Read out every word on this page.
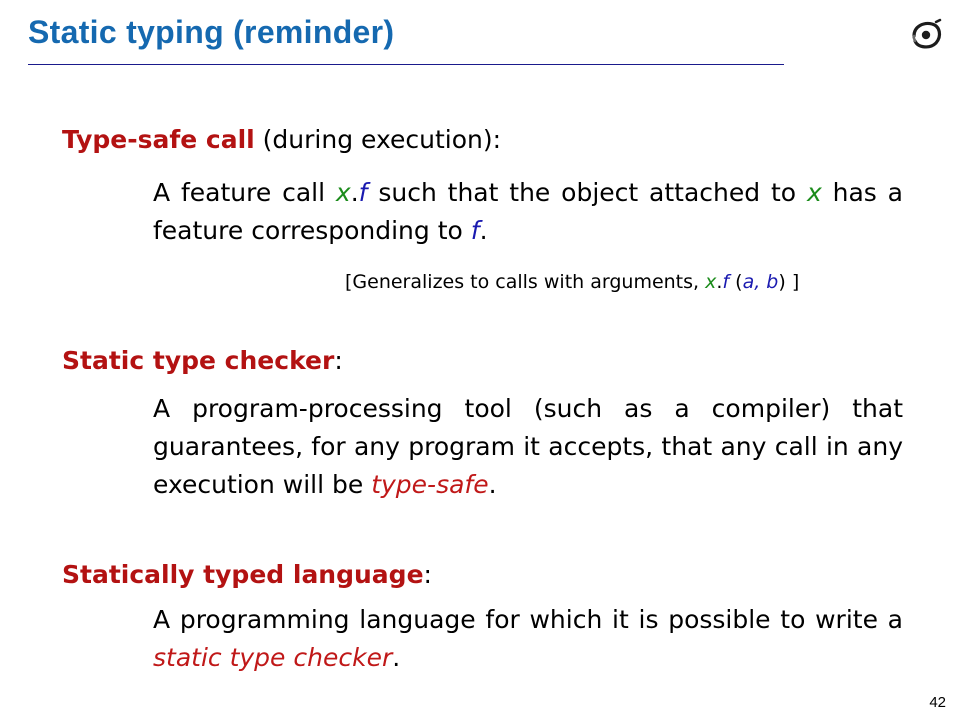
Static typing (reminder)

Type-safe call (during execution):

A feature call x.f such that the object attached to x has a feature corresponding to f.

[Generalizes to calls with arguments, x.f (a, b) ]

Static type checker:

A program-processing tool (such as a compiler) that guarantees, for any program it accepts, that any call in any execution will be type-safe.

Statically typed language:

A programming language for which it is possible to write a static type checker.

42
